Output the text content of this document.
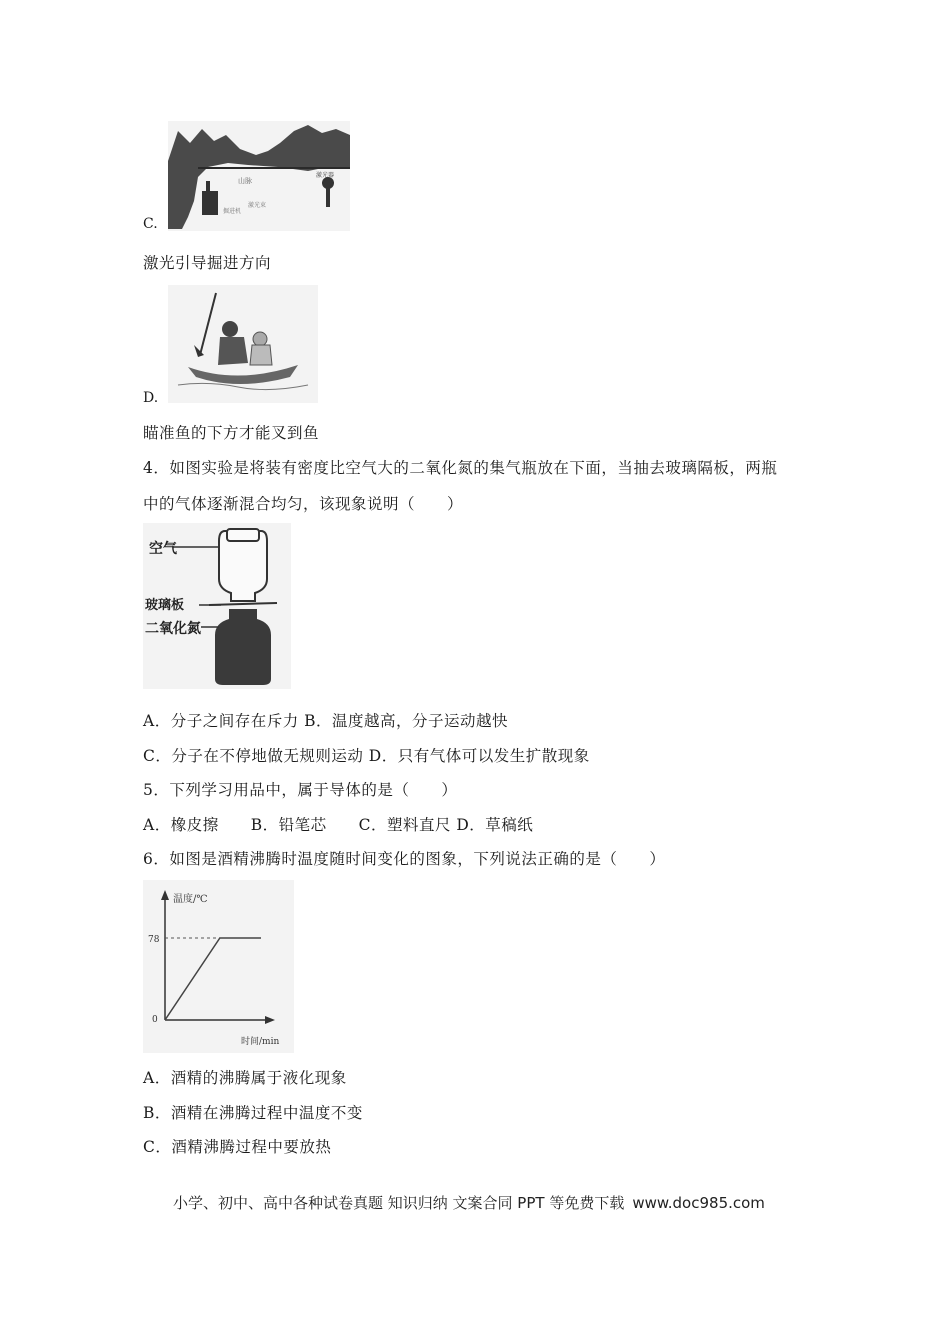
山脉
激光束
掘进机
激光器
C.
激光引导掘进方向
D.
瞄准鱼的下方才能叉到鱼
4．如图实验是将装有密度比空气大的二氧化氮的集气瓶放在下面，当抽去玻璃隔板，两瓶
中的气体逐渐混合均匀，该现象说明（　　）
空气
玻璃板
二氧化氮
A．分子之间存在斥力 B．温度越高，分子运动越快
C．分子在不停地做无规则运动 D．只有气体可以发生扩散现象
5．下列学习用品中，属于导体的是（　　）
A．橡皮擦　　B．铅笔芯　　C．塑料直尺 D．草稿纸
6．如图是酒精沸腾时温度随时间变化的图象，下列说法正确的是（　　）
温度/℃
78
0
时间/min
A．酒精的沸腾属于液化现象
B．酒精在沸腾过程中温度不变
C．酒精沸腾过程中要放热
小学、初中、高中各种试卷真题 知识归纳 文案合同 PPT 等免费下载 www.doc985.com
